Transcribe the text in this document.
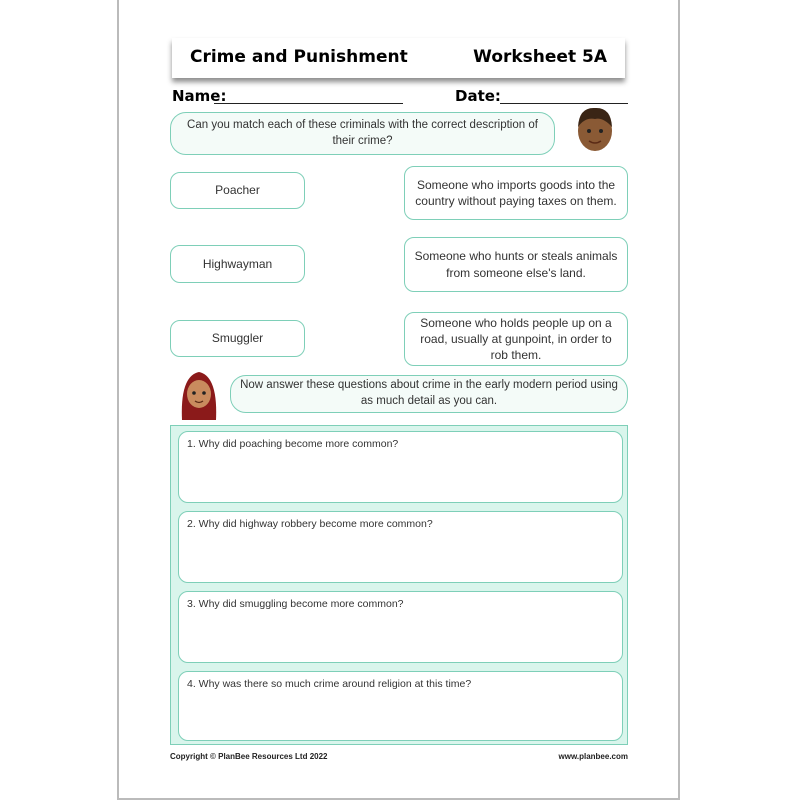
Crime and Punishment	Worksheet 5A
Name:	Date:
Can you match each of these criminals with the correct description of their crime?
Poacher
Highwayman
Smuggler
Someone who imports goods into the country without paying taxes on them.
Someone who hunts or steals animals from someone else's land.
Someone who holds people up on a road, usually at gunpoint, in order to rob them.
Now answer these questions about crime in the early modern period using as much detail as you can.
1. Why did poaching become more common?
2. Why did highway robbery become more common?
3. Why did smuggling become more common?
4. Why was there so much crime around religion at this time?
Copyright © PlanBee Resources Ltd 2022	www.planbee.com
